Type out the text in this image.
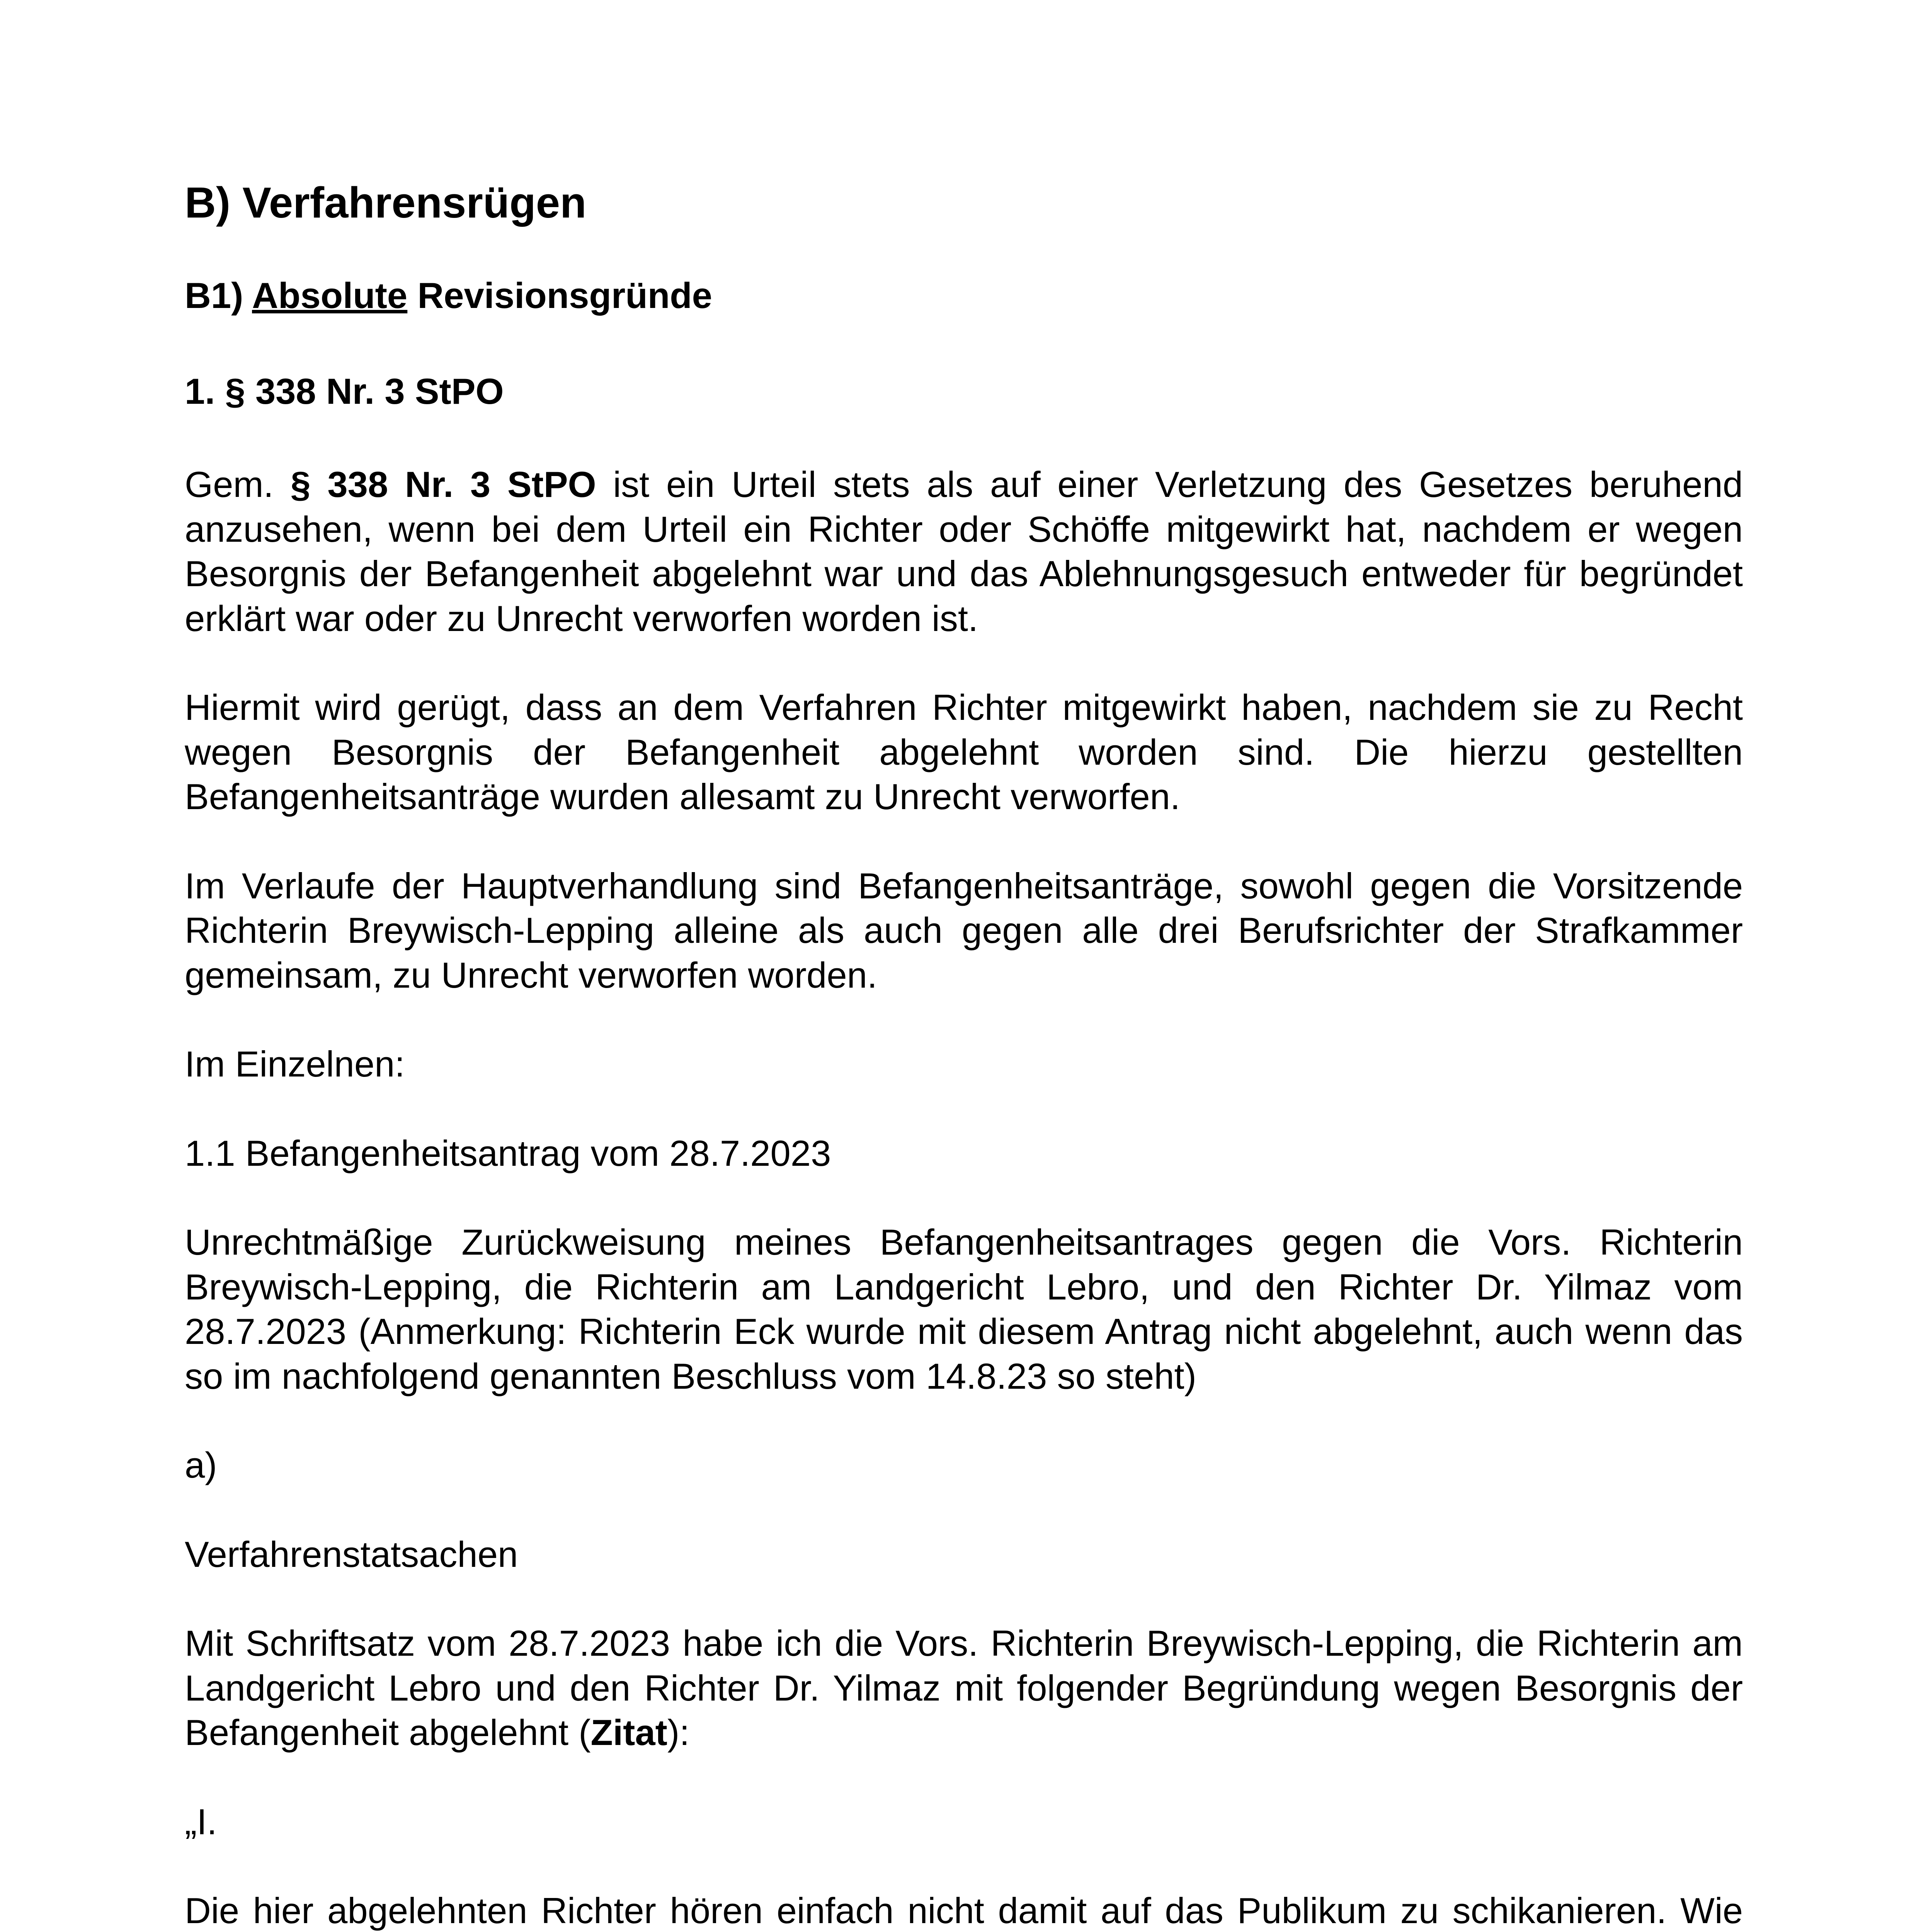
B) Verfahrensrügen
B1) Absolute Revisionsgründe
1. § 338 Nr. 3 StPO

Gem. § 338 Nr. 3 StPO ist ein Urteil stets als auf einer Verletzung des Gesetzes beruhend anzusehen, wenn bei dem Urteil ein Richter oder Schöffe mitgewirkt hat, nachdem er wegen Besorgnis der Befangenheit abgelehnt war und das Ablehnungsgesuch entweder für begründet erklärt war oder zu Unrecht verworfen worden ist.

Hiermit wird gerügt, dass an dem Verfahren Richter mitgewirkt haben, nachdem sie zu Recht wegen Besorgnis der Befangenheit abgelehnt worden sind. Die hierzu gestellten Befangenheitsanträge wurden allesamt zu Unrecht verworfen.

Im Verlaufe der Hauptverhandlung sind Befangenheitsanträge, sowohl gegen die Vorsitzende Richterin Breywisch-Lepping alleine als auch gegen alle drei Berufsrichter der Strafkammer gemeinsam, zu Unrecht verworfen worden.

Im Einzelnen:

1.1 Befangenheitsantrag vom 28.7.2023

Unrechtmäßige Zurückweisung meines Befangenheitsantrages gegen die Vors. Richterin Breywisch-Lepping, die Richterin am Landgericht Lebro, und den Richter Dr. Yilmaz vom 28.7.2023 (Anmerkung: Richterin Eck wurde mit diesem Antrag nicht abgelehnt, auch wenn das so im nachfolgend genannten Beschluss vom 14.8.23 so steht)

a)

Verfahrenstatsachen

Mit Schriftsatz vom 28.7.2023 habe ich die Vors. Richterin Breywisch-Lepping, die Richterin am Landgericht Lebro und den Richter Dr. Yilmaz mit folgender Begründung wegen Besorgnis der Befangenheit abgelehnt (Zitat):

„I.

Die hier abgelehnten Richter hören einfach nicht damit auf das Publikum zu schikanieren. Wie
